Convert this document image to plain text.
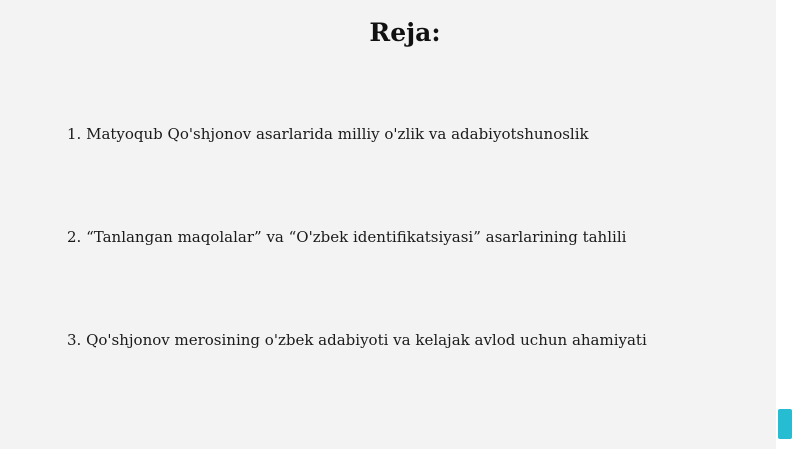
Reja:

1. Matyoqub Qo'shjonov asarlarida milliy o'zlik va adabiyotshunoslik

2. “Tanlangan maqolalar” va “O'zbek identifikatsiyasi” asarlarining tahlili

3. Qo'shjonov merosining o'zbek adabiyoti va kelajak avlod uchun ahamiyati
